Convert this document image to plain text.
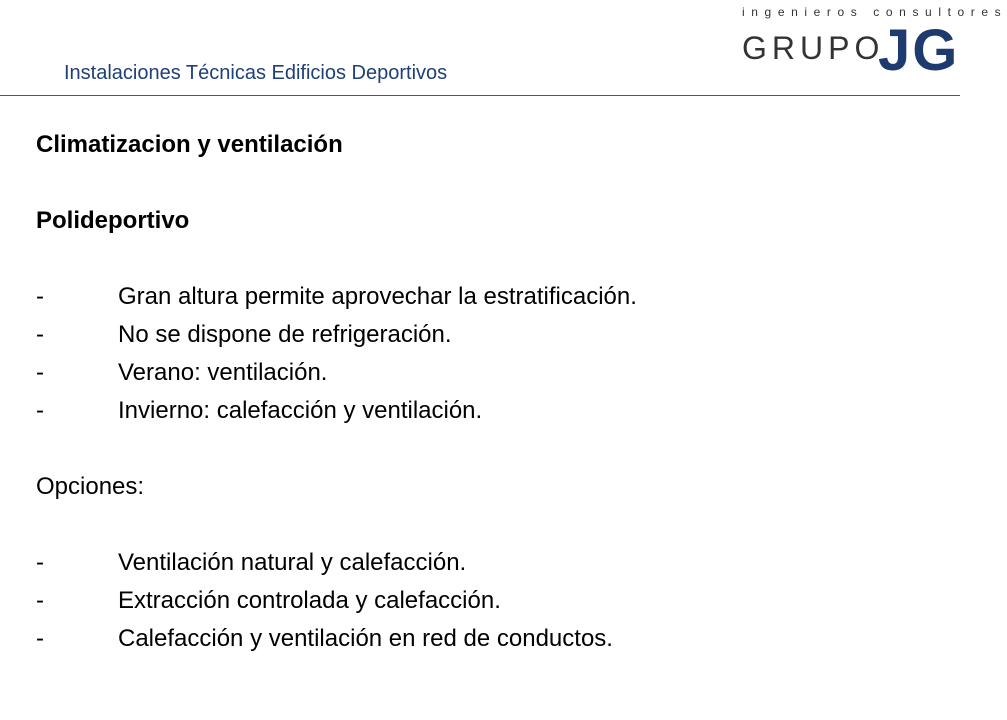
Instalaciones Técnicas Edificios Deportivos
ingenieros consultores
GRUPO
JG

Climatizacion y ventilación

Polideportivo

-	Gran altura permite aprovechar la estratificación.
-	No se dispone de refrigeración.
-	Verano: ventilación.
-	Invierno: calefacción y ventilación.

Opciones:

-	Ventilación natural y calefacción.
-	Extracción controlada y calefacción.
-	Calefacción y ventilación en red de conductos.
